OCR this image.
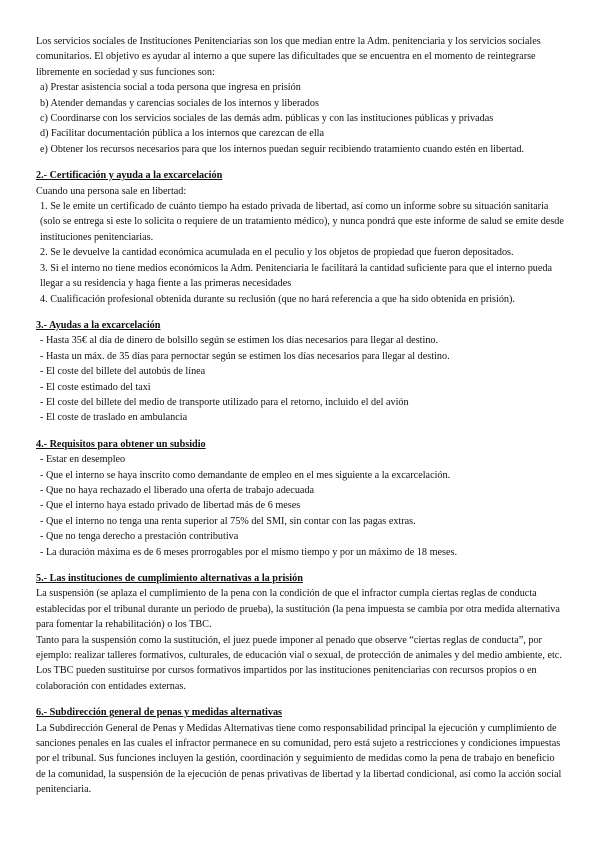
Los servicios sociales de Instituciones Penitenciarias son los que median entre la Adm. penitenciaria y los servicios sociales comunitarios. El objetivo es ayudar al interno a que supere las dificultades que se encuentra en el momento de reintegrarse libremente en sociedad y sus funciones son:

a) Prestar asistencia social a toda persona que ingresa en prisión

b) Atender demandas y carencias sociales de los internos y liberados

c) Coordinarse con los servicios sociales de las demás adm. públicas y con las instituciones públicas y privadas

d) Facilitar documentación pública a los internos que carezcan de ella

e) Obtener los recursos necesarios para que los internos puedan seguir recibiendo tratamiento cuando estén en libertad.

2.- Certificación y ayuda a la excarcelación

Cuando una persona sale en libertad:

1. Se le emite un certificado de cuánto tiempo ha estado privada de libertad, así como un informe sobre su situación sanitaria (solo se entrega si este lo solicita o requiere de un tratamiento médico), y nunca pondrá que este informe de salud se emite desde instituciones penitenciarias.

2. Se le devuelve la cantidad económica acumulada en el peculio y los objetos de propiedad que fueron depositados.

3. Si el interno no tiene medios económicos la Adm. Penitenciaria le facilitará la cantidad suficiente para que el interno pueda llegar a su residencia y haga fiente a las primeras necesidades

4. Cualificación profesional obtenida durante su reclusión (que no hará referencia a que ha sido obtenida en prisión).

3.- Ayudas a la excarcelación

- Hasta 35€ al día de dinero de bolsillo según se estimen los días necesarios para llegar al destino.

- Hasta un máx. de 35 días para pernoctar según se estimen los días necesarios para llegar al destino.

- El coste del billete del autobús de línea

- El coste estimado del taxi

- El coste del billete del medio de transporte utilizado para el retorno, incluido el del avión

- El coste de traslado en ambulancia

4.- Requisitos para obtener un subsidio

- Estar en desempleo

- Que el interno se haya inscrito como demandante de empleo en el mes siguiente a la excarcelación.

- Que no haya rechazado el liberado una oferta de trabajo adecuada

- Que el interno haya estado privado de libertad más de 6 meses

- Que el interno no tenga una renta superior al 75% del SMI, sin contar con las pagas extras.

- Que no tenga derecho a prestación contributiva

- La duración máxima es de 6 meses prorrogables por el mismo tiempo y por un máximo de 18 meses.

5.- Las instituciones de cumplimiento alternativas a la prisión

La suspensión (se aplaza el cumplimiento de la pena con la condición de que el infractor cumpla ciertas reglas de conducta establecidas por el tribunal durante un periodo de prueba), la sustitución (la pena impuesta se cambia por otra medida alternativa para fomentar la rehabilitación) o los TBC.

Tanto para la suspensión como la sustitución, el juez puede imponer al penado que observe “ciertas reglas de conducta”, por ejemplo: realizar talleres formativos, culturales, de educación vial o sexual, de protección de animales y del medio ambiente, etc.

Los TBC pueden sustituirse por cursos formativos impartidos por las instituciones penitenciarias con recursos propios o en colaboración con entidades externas.

6.- Subdirección general de penas y medidas alternativas

La Subdirección General de Penas y Medidas Alternativas tiene como responsabilidad principal la ejecución y cumplimiento de sanciones penales en las cuales el infractor permanece en su comunidad, pero está sujeto a restricciones y condiciones impuestas por el tribunal. Sus funciones incluyen la gestión, coordinación y seguimiento de medidas como la pena de trabajo en beneficio de la comunidad, la suspensión de la ejecución de penas privativas de libertad y la libertad condicional, así como la acción social penitenciaria.
